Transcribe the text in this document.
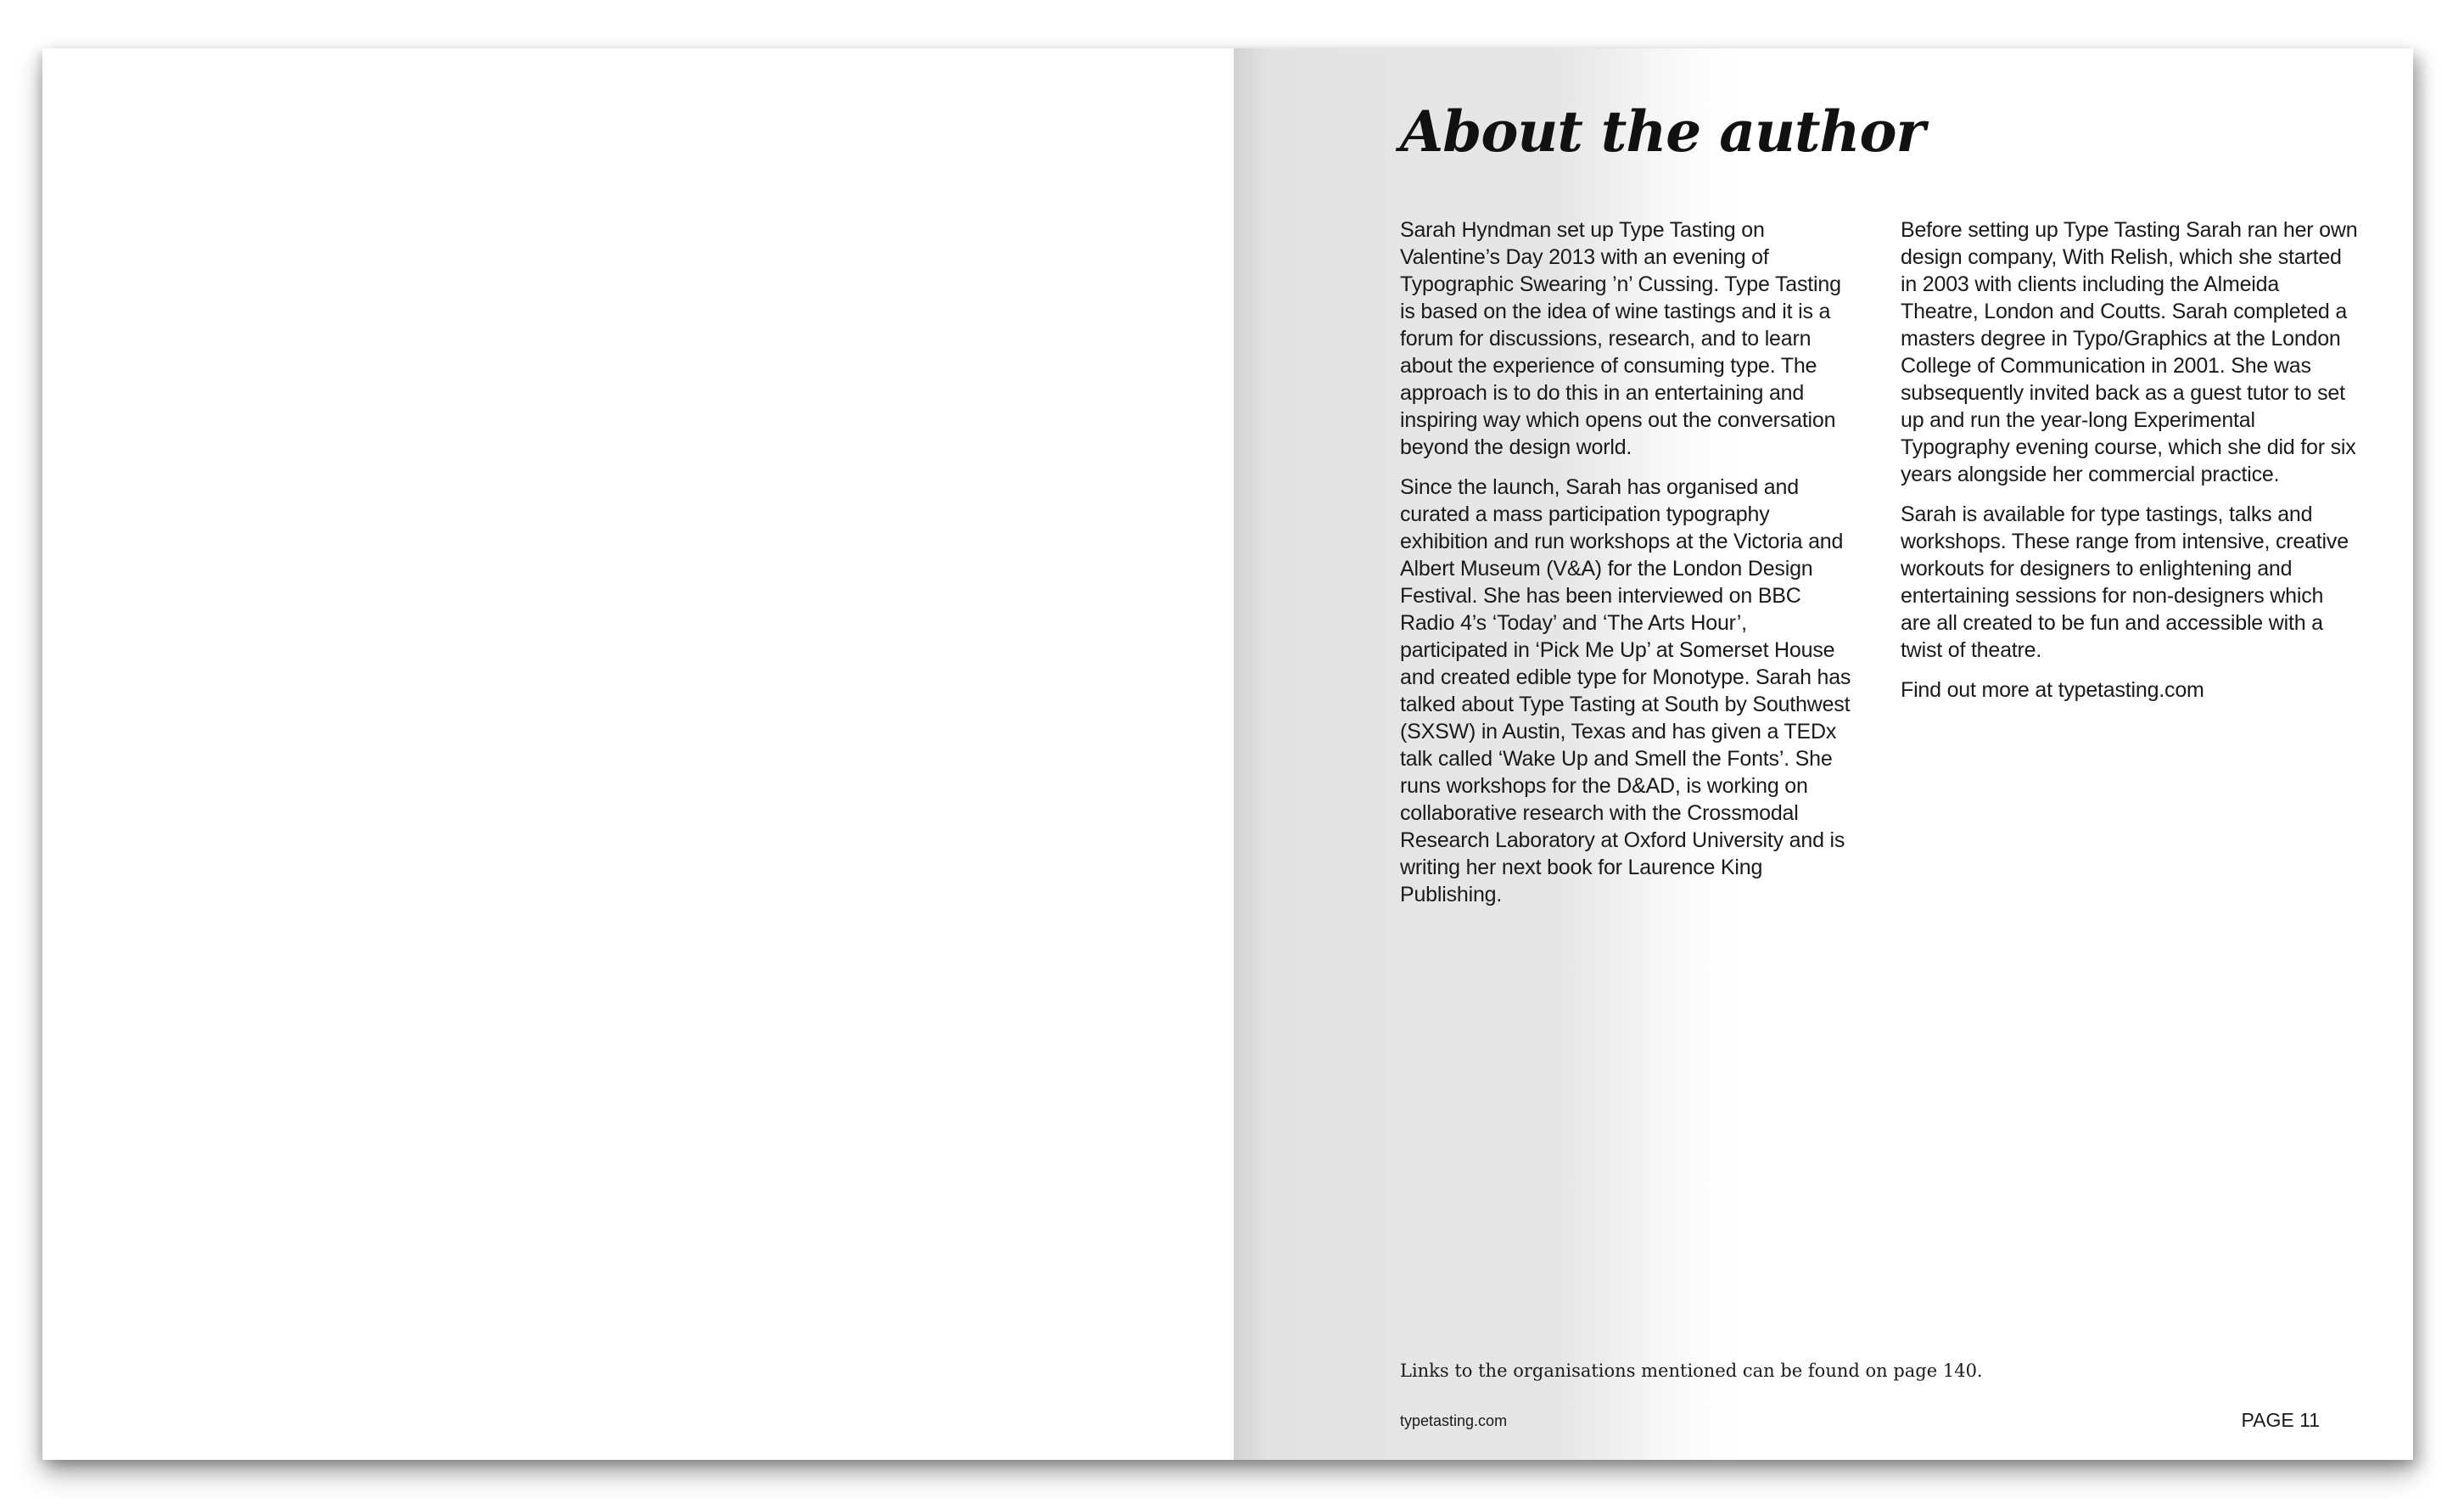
About the author

Sarah Hyndman set up Type Tasting on Valentine’s Day 2013 with an evening of Typographic Swearing ’n’ Cussing. Type Tasting is based on the idea of wine tastings and it is a forum for discussions, research, and to learn about the experience of consuming type. The approach is to do this in an entertaining and inspiring way which opens out the conversation beyond the design world.

Since the launch, Sarah has organised and curated a mass participation typography exhibition and run workshops at the Victoria and Albert Museum (V&A) for the London Design Festival. She has been interviewed on BBC Radio 4’s ‘Today’ and ‘The Arts Hour’, participated in ‘Pick Me Up’ at Somerset House and created edible type for Monotype. Sarah has talked about Type Tasting at South by Southwest (SXSW) in Austin, Texas and has given a TEDx talk called ‘Wake Up and Smell the Fonts’. She runs workshops for the D&AD, is working on collaborative research with the Crossmodal Research Laboratory at Oxford University and is writing her next book for Laurence King Publishing.

Before setting up Type Tasting Sarah ran her own design company, With Relish, which she started in 2003 with clients including the Almeida Theatre, London and Coutts. Sarah completed a masters degree in Typo/Graphics at the London College of Communication in 2001. She was subsequently invited back as a guest tutor to set up and run the year-long Experimental Typography evening course, which she did for six years alongside her commercial practice.

Sarah is available for type tastings, talks and workshops. These range from intensive, creative workouts for designers to enlightening and entertaining sessions for non-designers which are all created to be fun and accessible with a twist of theatre.

Find out more at typetasting.com

Links to the organisations mentioned can be found on page 140.

typetasting.com	PAGE 11
